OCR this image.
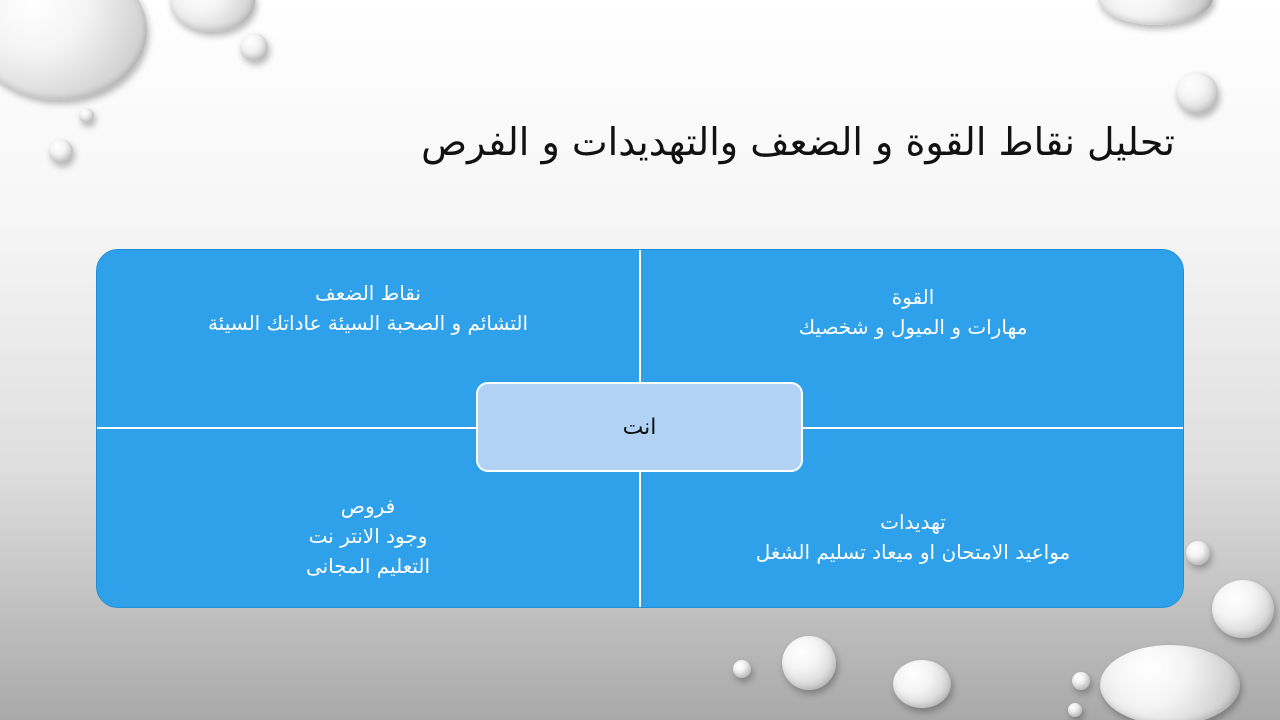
تحليل نقاط القوة و الضعف والتهديدات و الفرص
نقاط الضعف
التشائم و الصحبة السيئة عاداتك السيئة
القوة
مهارات و الميول و شخصيك
فروص
وجود الانتر نت
التعليم المجانى
تهديدات
مواعيد الامتحان او ميعاد تسليم الشغل
انت
